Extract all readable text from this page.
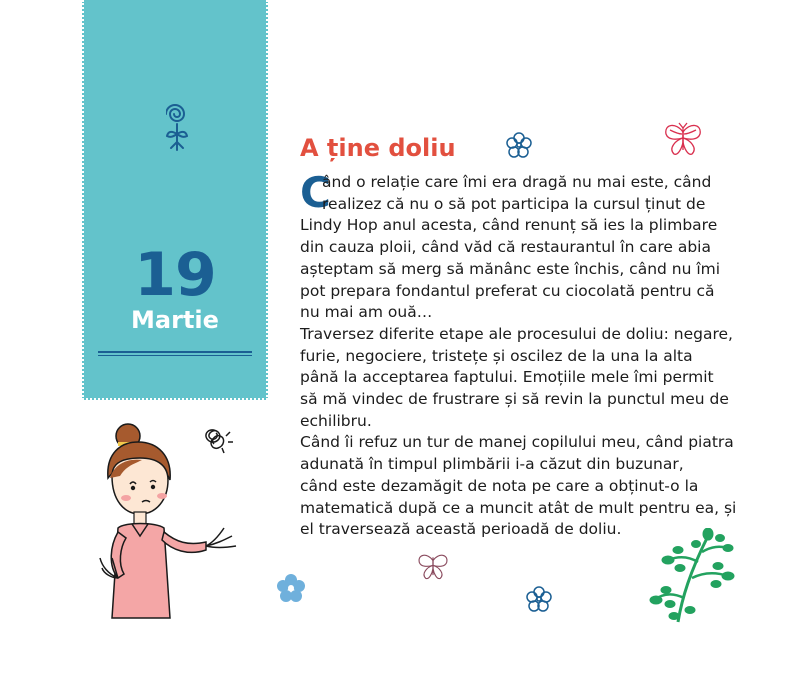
19
Martie
A ține doliu
C

ând o relație care îmi era dragă nu mai este, când
realizez că nu o să pot participa la cursul ținut de
Lindy Hop anul acesta, când renunț să ies la plimbare
din cauza ploii, când văd că restaurantul în care abia
așteptam să merg să mănânc este închis, când nu îmi
pot prepara fondantul preferat cu ciocolată pentru că
nu mai am ouă…

Traversez diferite etape ale procesului de doliu: negare,
furie, negociere, tristețe și oscilez de la una la alta
până la acceptarea faptului. Emoțiile mele îmi permit
să mă vindec de frustrare și să revin la punctul meu de
echilibru.

Când îi refuz un tur de manej copilului meu, când piatra
adunată în timpul plimbării i-a căzut din buzunar,
când este dezamăgit de nota pe care a obținut-o la
matematică după ce a muncit atât de mult pentru ea, și
el traversează această perioadă de doliu.
